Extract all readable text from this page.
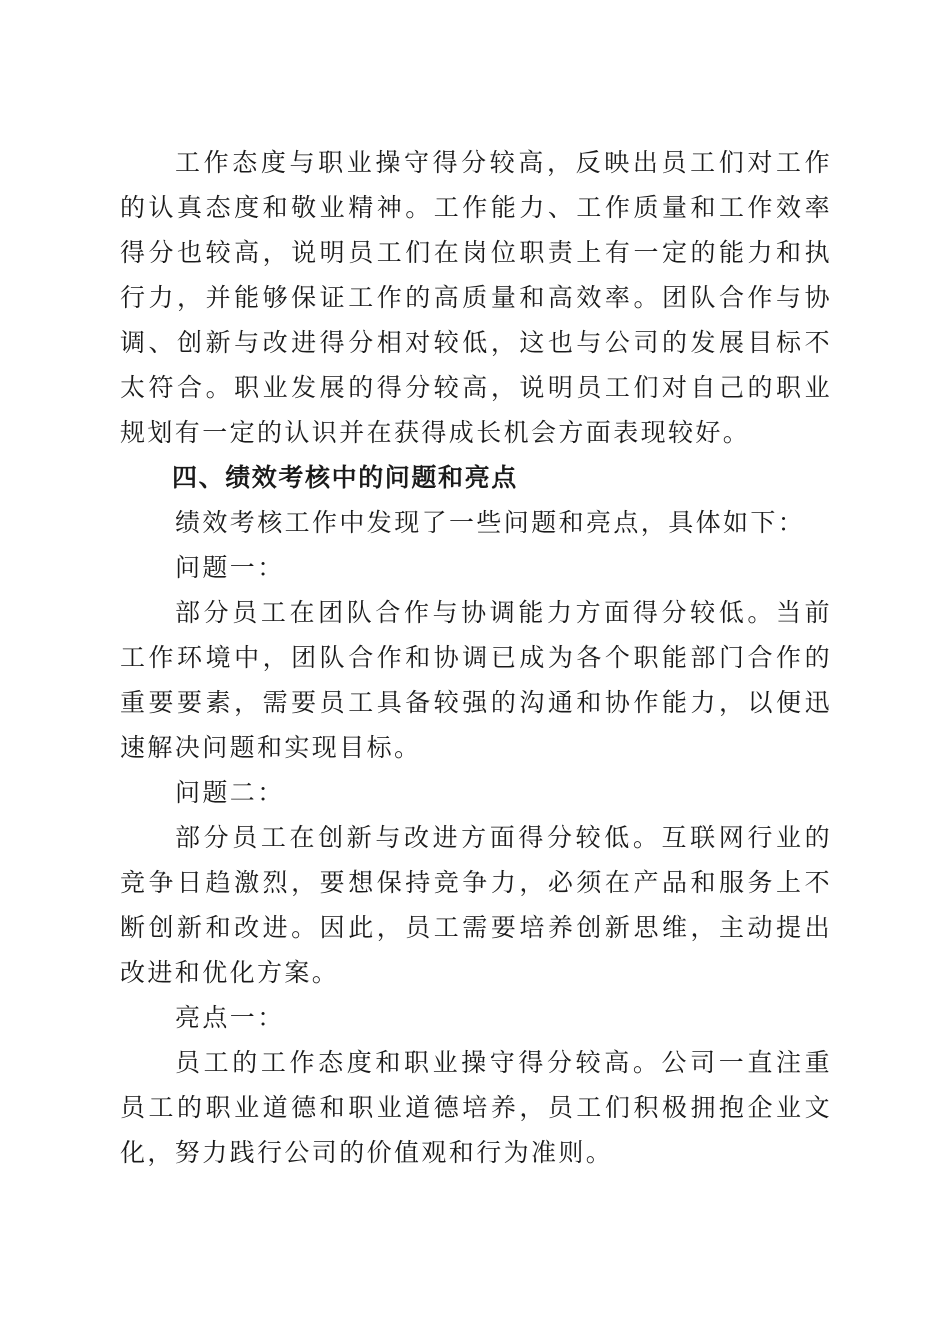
工作态度与职业操守得分较高，反映出员工们对工作的认真态度和敬业精神。工作能力、工作质量和工作效率得分也较高，说明员工们在岗位职责上有一定的能力和执行力，并能够保证工作的高质量和高效率。团队合作与协调、创新与改进得分相对较低，这也与公司的发展目标不太符合。职业发展的得分较高，说明员工们对自己的职业规划有一定的认识并在获得成长机会方面表现较好。

四、绩效考核中的问题和亮点

绩效考核工作中发现了一些问题和亮点，具体如下：

问题一：

部分员工在团队合作与协调能力方面得分较低。当前工作环境中，团队合作和协调已成为各个职能部门合作的重要要素，需要员工具备较强的沟通和协作能力，以便迅速解决问题和实现目标。

问题二：

部分员工在创新与改进方面得分较低。互联网行业的竞争日趋激烈，要想保持竞争力，必须在产品和服务上不断创新和改进。因此，员工需要培养创新思维，主动提出改进和优化方案。

亮点一：

员工的工作态度和职业操守得分较高。公司一直注重员工的职业道德和职业道德培养，员工们积极拥抱企业文化，努力践行公司的价值观和行为准则。
